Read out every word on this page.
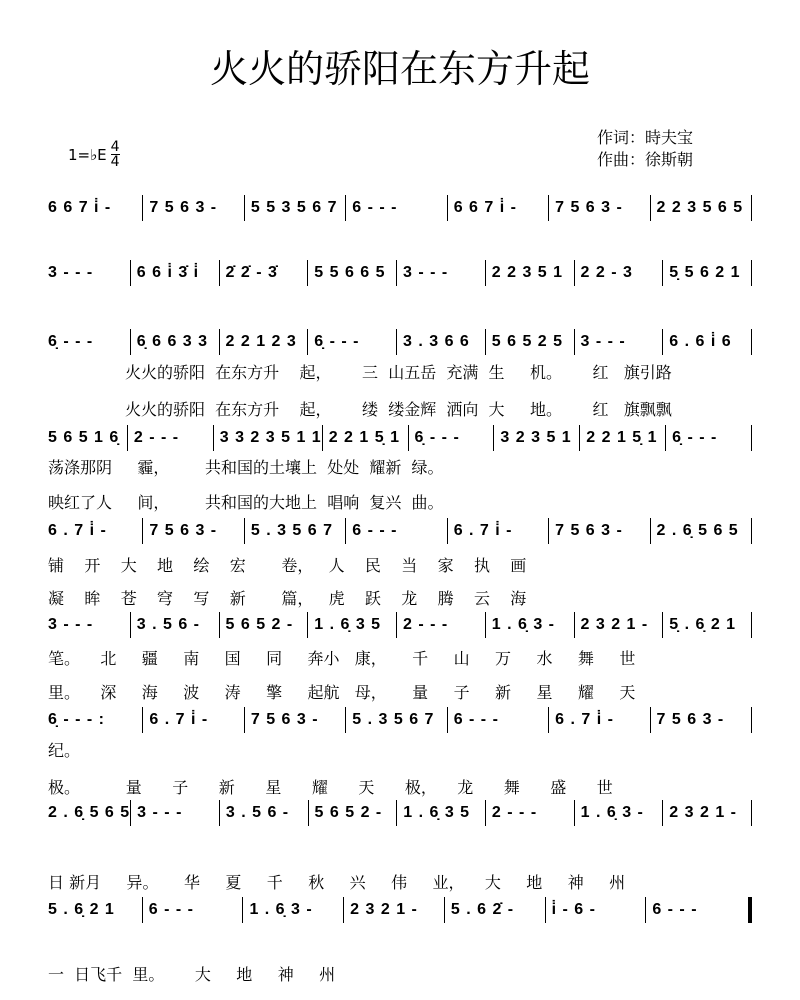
火火的骄阳在东方升起
1=♭E $\frac{4}{4}$
作词：時夫宝
作曲：徐斯朝
6 6 7 i̇ -	7 5 6 3 -	5 5 3 5 6 7 6 - - -	6 6 7 i̇ -	7 5 6 3 -	2 2 3 5 6 5
3 - - -	6 6 i̇ 3̇ i̇	2̇ 2̇ - 3̇	5 5 6 6 5	3 - - -	2 2 3 5 1	2 2 - 3	5̣ 5 6 2 1
6̣ - - -	6̣ 6 6 3 3	2 2 1 2 3	6̣ - - -	3 . 3 6 6	5 6 5 2 5	3 - - -	6 . 6 i̇ 6
5 6 5 1 6̣ 2 - - -	3 3 2 3 5 1 1 2 2 1 5̣ 1 6̣ - - -	3 2 3 5 1 2 2 1 5̣ 1 6̣ - - -
6 . 7 i̇ -	7 5 6 3 -	5 . 3 5 6 7	6 - - -	6 . 7 i̇ -	7 5 6 3 -	2 . 6̣ 5 6 5
3 - - -	3 . 5 6 -	5 6 5 2 -	1 . 6̣ 3 5	2 - - -	1 . 6̣ 3 -	2 3 2 1 -	5̣ . 6̣ 2 1
6̣ - - - :	6 . 7 i̇ -	7 5 6 3 -	5 . 3 5 6 7	6 - - -	6 . 7 i̇ -	7 5 6 3 -
2 . 6̣ 5 6 5 3 - - -	3 . 5 6 -	5 6 5 2 -	1 . 6̣ 3 5	2 - - -	1 . 6̣ 3 -	2 3 2 1 -
5 . 6̣ 2 1	6 - - -	1 . 6̣ 3 -	2 3 2 1 -	5 . 6 2̇ -	i̇ - 6 -	6 - - -
火火的骄阳  在东方升    起，      三  山五岳  充满  生     机。      红   旗引路
火火的骄阳  在东方升    起，      缕  缕金辉  洒向  大     地。      红   旗飘飘
荡涤那阴     霾，       共和国的土壤上  处处  耀新  绿。
映红了人     间，       共和国的大地上  唱响  复兴  曲。
铺    开    大    地    绘    宏       卷，   人    民    当    家    执    画
凝    眸    苍    穹    写    新       篇，   虎    跃    龙    腾    云    海
笔。    北     疆     南     国     同     奔小   康，     千     山     万     水     舞     世
里。    深     海     波     涛     擎     起航   母，     量     子     新     星     耀     天
纪。
极。         量      子      新      星      耀      天      极，    龙      舞      盛      世
日 新月     异。     华     夏     千     秋     兴     伟     业，    大     地     神     州
一  日飞千  里。      大     地     神     州
